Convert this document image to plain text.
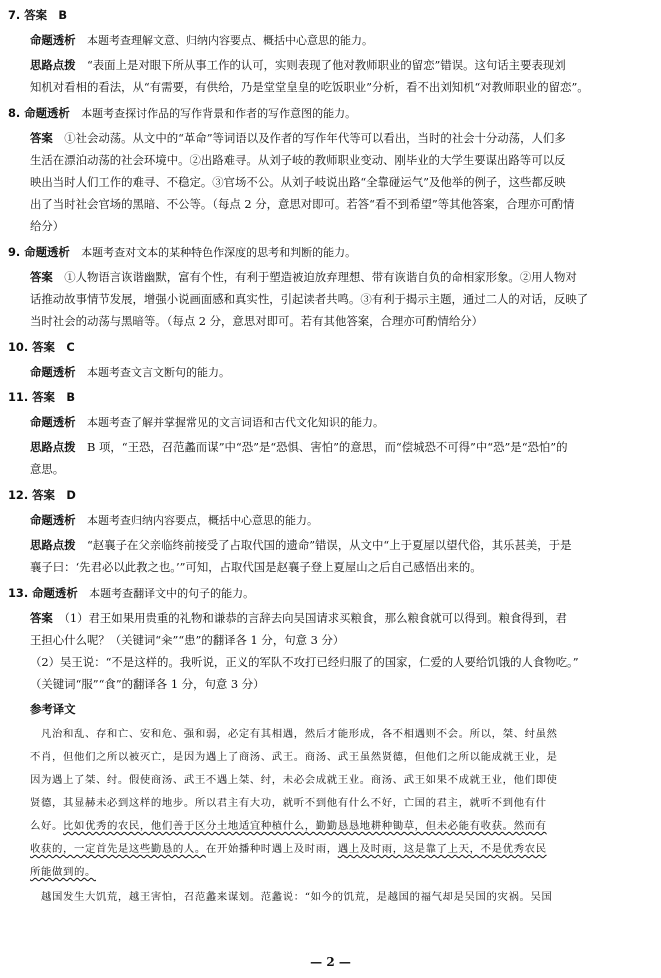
7. 答案　B
命题透析　本题考查理解文意、归纳内容要点、概括中心意思的能力。
思路点拨　“表面上是对眼下所从事工作的认可，实则表现了他对教师职业的留恋”错误。这句话主要表现刘
知机对看相的看法，从“有需要，有供给，乃是堂堂皇皇的吃饭职业”分析，看不出刘知机“对教师职业的留恋”。
8. 命题透析　本题考查探讨作品的写作背景和作者的写作意图的能力。
答案　①社会动荡。从文中的“革命”等词语以及作者的写作年代等可以看出，当时的社会十分动荡，人们多
生活在漂泊动荡的社会环境中。②出路难寻。从刘子岐的教师职业变动、刚毕业的大学生要谋出路等可以反
映出当时人们工作的难寻、不稳定。③官场不公。从刘子岐说出路“全靠碰运气”及他举的例子，这些都反映
出了当时社会官场的黑暗、不公等。（每点 2 分，意思对即可。若答“看不到希望”等其他答案，合理亦可酌情
给分）
9. 命题透析　本题考查对文本的某种特色作深度的思考和判断的能力。
答案　①人物语言诙谐幽默，富有个性，有利于塑造被迫放弃理想、带有诙谐自负的命相家形象。②用人物对
话推动故事情节发展，增强小说画面感和真实性，引起读者共鸣。③有利于揭示主题，通过二人的对话，反映了
当时社会的动荡与黑暗等。（每点 2 分，意思对即可。若有其他答案，合理亦可酌情给分）
10. 答案　C
命题透析　本题考查文言文断句的能力。
11. 答案　B
命题透析　本题考查了解并掌握常见的文言词语和古代文化知识的能力。
思路点拨　B 项，“王恐，召范蠡而谋”中“恐”是“恐惧、害怕”的意思，而“偿城恐不可得”中“恐”是“恐怕”的
意思。
12. 答案　D
命题透析　本题考查归纳内容要点，概括中心意思的能力。
思路点拨　“赵襄子在父亲临终前接受了占取代国的遗命”错误，从文中“上于夏屋以望代俗，其乐甚美，于是
襄子曰：‘先君必以此教之也。’”可知，占取代国是赵襄子登上夏屋山之后自己感悟出来的。
13. 命题透析　本题考查翻译文中的句子的能力。
答案　（1）君王如果用贵重的礼物和谦恭的言辞去向吴国请求买粮食，那么粮食就可以得到。粮食得到，君
王担心什么呢？（关键词“籴”“患”的翻译各 1 分，句意 3 分）
（2）吴王说：“不是这样的。我听说，正义的军队不攻打已经归服了的国家，仁爱的人要给饥饿的人食物吃。”
（关键词“服”“食”的翻译各 1 分，句意 3 分）
参考译文
　凡治和乱、存和亡、安和危、强和弱，必定有其相遇，然后才能形成，各不相遇则不会。所以，桀、纣虽然
不肖，但他们之所以被灭亡，是因为遇上了商汤、武王。商汤、武王虽然贤德，但他们之所以能成就王业，是
因为遇上了桀、纣。假使商汤、武王不遇上桀、纣，未必会成就王业。商汤、武王如果不成就王业，他们即使
贤德，其显赫未必到这样的地步。所以君主有大功，就听不到他有什么不好，亡国的君主，就听不到他有什
么好。比如优秀的农民，他们善于区分土地适宜种植什么，勤勤恳恳地耕种锄草，但未必能有收获。然而有
收获的，一定首先是这些勤恳的人。在开始播种时遇上及时雨，遇上及时雨，这是靠了上天，不是优秀农民
所能做到的。
　越国发生大饥荒，越王害怕，召范蠡来谋划。范蠡说：“如今的饥荒，是越国的福气却是吴国的灾祸。吴国
— 2 —
